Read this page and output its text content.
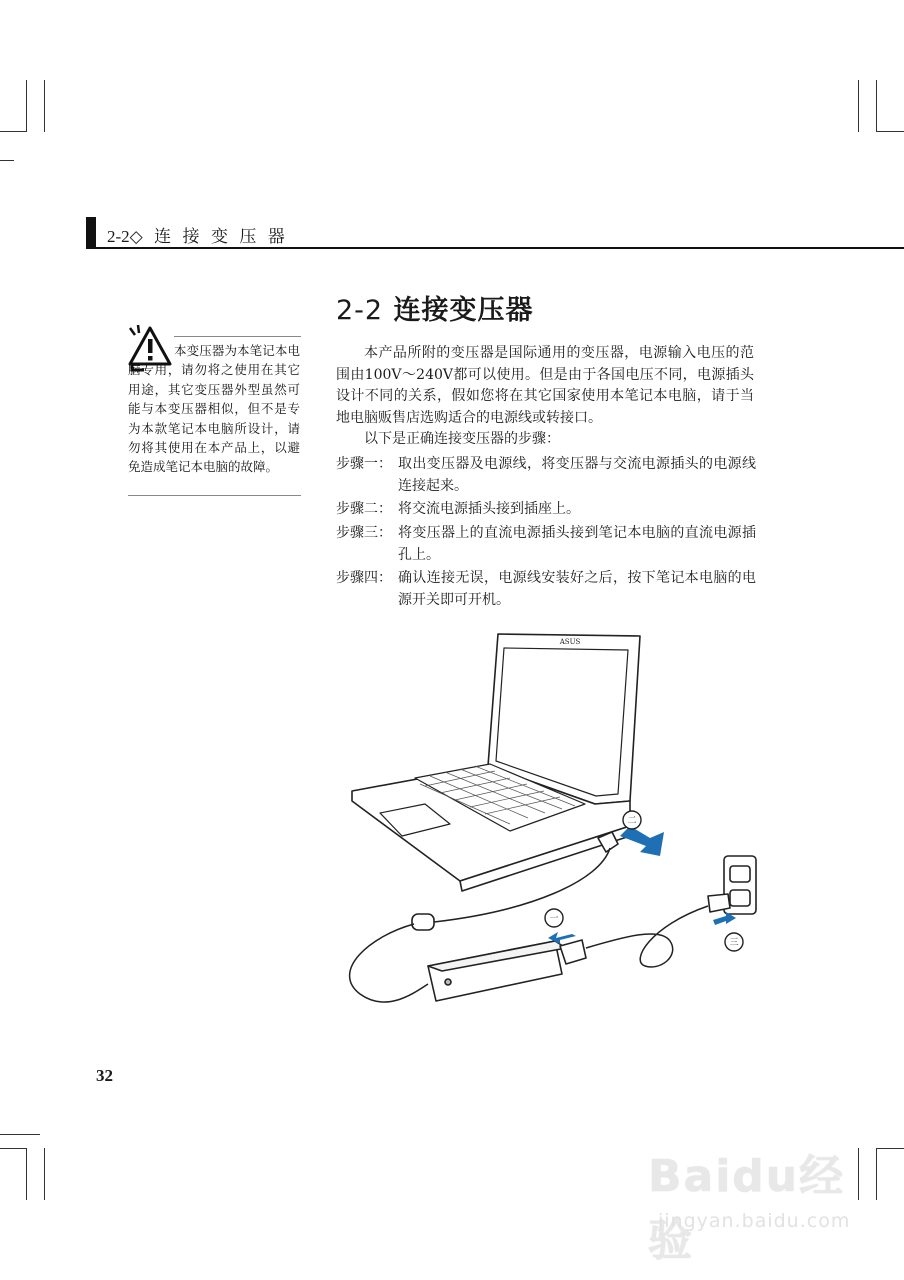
2-2◇ 连 接 变 压 器
本变压器为本笔记本电脑专用，请勿将之使用在其它用途，其它变压器外型虽然可能与本变压器相似，但不是专为本款笔记本电脑所设计，请勿将其使用在本产品上，以避免造成笔记本电脑的故障。
2-2 连接变压器
本产品所附的变压器是国际通用的变压器，电源输入电压的范围由100V～240V都可以使用。但是由于各国电压不同，电源插头设计不同的关系，假如您将在其它国家使用本笔记本电脑，请于当地电脑贩售店选购适合的电源线或转接口。
以下是正确连接变压器的步骤：
步骤一： 取出变压器及电源线，将变压器与交流电源插头的电源线连接起来。
步骤二： 将交流电源插头接到插座上。
步骤三： 将变压器上的直流电源插头接到笔记本电脑的直流电源插孔上。
步骤四： 确认连接无误，电源线安装好之后，按下笔记本电脑的电源开关即可开机。
二
一
三
ASUS
32
Baidu经验
jingyan.baidu.com
